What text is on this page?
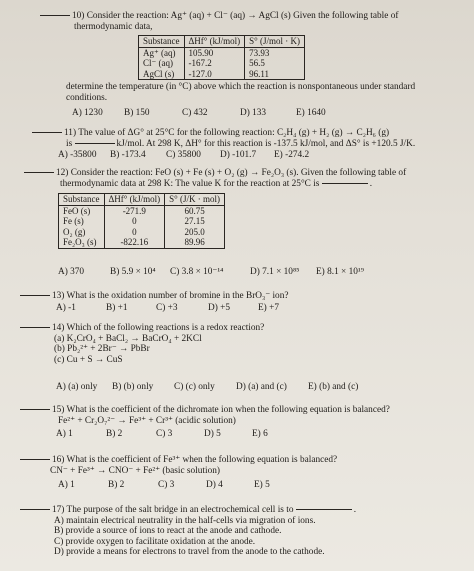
10) Consider the reaction: Ag⁺ (aq) + Cl⁻ (aq) → AgCl (s) Given the following table of
thermodynamic data,
Substance	ΔHf° (kJ/mol)	S° (J/mol · K)
Ag⁺ (aq)	105.90	73.93
Cl⁻ (aq)	-167.2	56.5
AgCl (s)	-127.0	96.11
determine the temperature (in °C) above which the reaction is nonspontaneous under standard
conditions.
A) 1230 B) 150	C) 432	D) 133	E) 1640
11) The value of ΔG° at 25°C for the following reaction: C₂H₄ (g) + H₂ (g) → C₂H₆ (g)
is	kJ/mol. At 298 K, ΔH° for this reaction is -137.5 kJ/mol, and ΔS° is +120.5 J/K.
A) -35800 B) -173.4 C) 35800 D) -101.7 E) -274.2
12) Consider the reaction: FeO (s) + Fe (s) + O₂ (g) → Fe₂O₃ (s). Given the following table of
thermodynamic data at 298 K: The value K for the reaction at 25°C is	.
Substance	ΔHf° (kJ/mol)	S° (J/K · mol)
FeO (s)	-271.9	60.75
Fe (s)	0	27.15
O₂ (g)	0	205.0
Fe₂O₃ (s)	-822.16	89.96
A) 370	B) 5.9 × 10⁴ C) 3.8 × 10⁻¹⁴	D) 7.1 × 10⁸⁵ E) 8.1 × 10¹⁹
13) What is the oxidation number of bromine in the BrO₃⁻ ion?
A) -1	B) +1	C) +3	D) +5	E) +7
14) Which of the following reactions is a redox reaction?
(a) K₂CrO₄ + BaCl₂ → BaCrO₄ + 2KCl
(b) Pb₂²⁺ + 2Br⁻ → PbBr
(c) Cu + S → CuS
A) (a) only B) (b) only C) (c) only D) (a) and (c) E) (b) and (c)
15) What is the coefficient of the dichromate ion when the following equation is balanced?
Fe²⁺ + Cr₂O₇²⁻ → Fe³⁺ + Cr³⁺ (acidic solution)
A) 1	B) 2	C) 3	D) 5	E) 6
16) What is the coefficient of Fe³⁺ when the following equation is balanced?
CN⁻ + Fe³⁺ → CNO⁻ + Fe²⁺ (basic solution)
A) 1	B) 2	C) 3	D) 4	E) 5
17) The purpose of the salt bridge in an electrochemical cell is to	.
A) maintain electrical neutrality in the half-cells via migration of ions.
B) provide a source of ions to react at the anode and cathode.
C) provide oxygen to facilitate oxidation at the anode.
D) provide a means for electrons to travel from the anode to the cathode.
